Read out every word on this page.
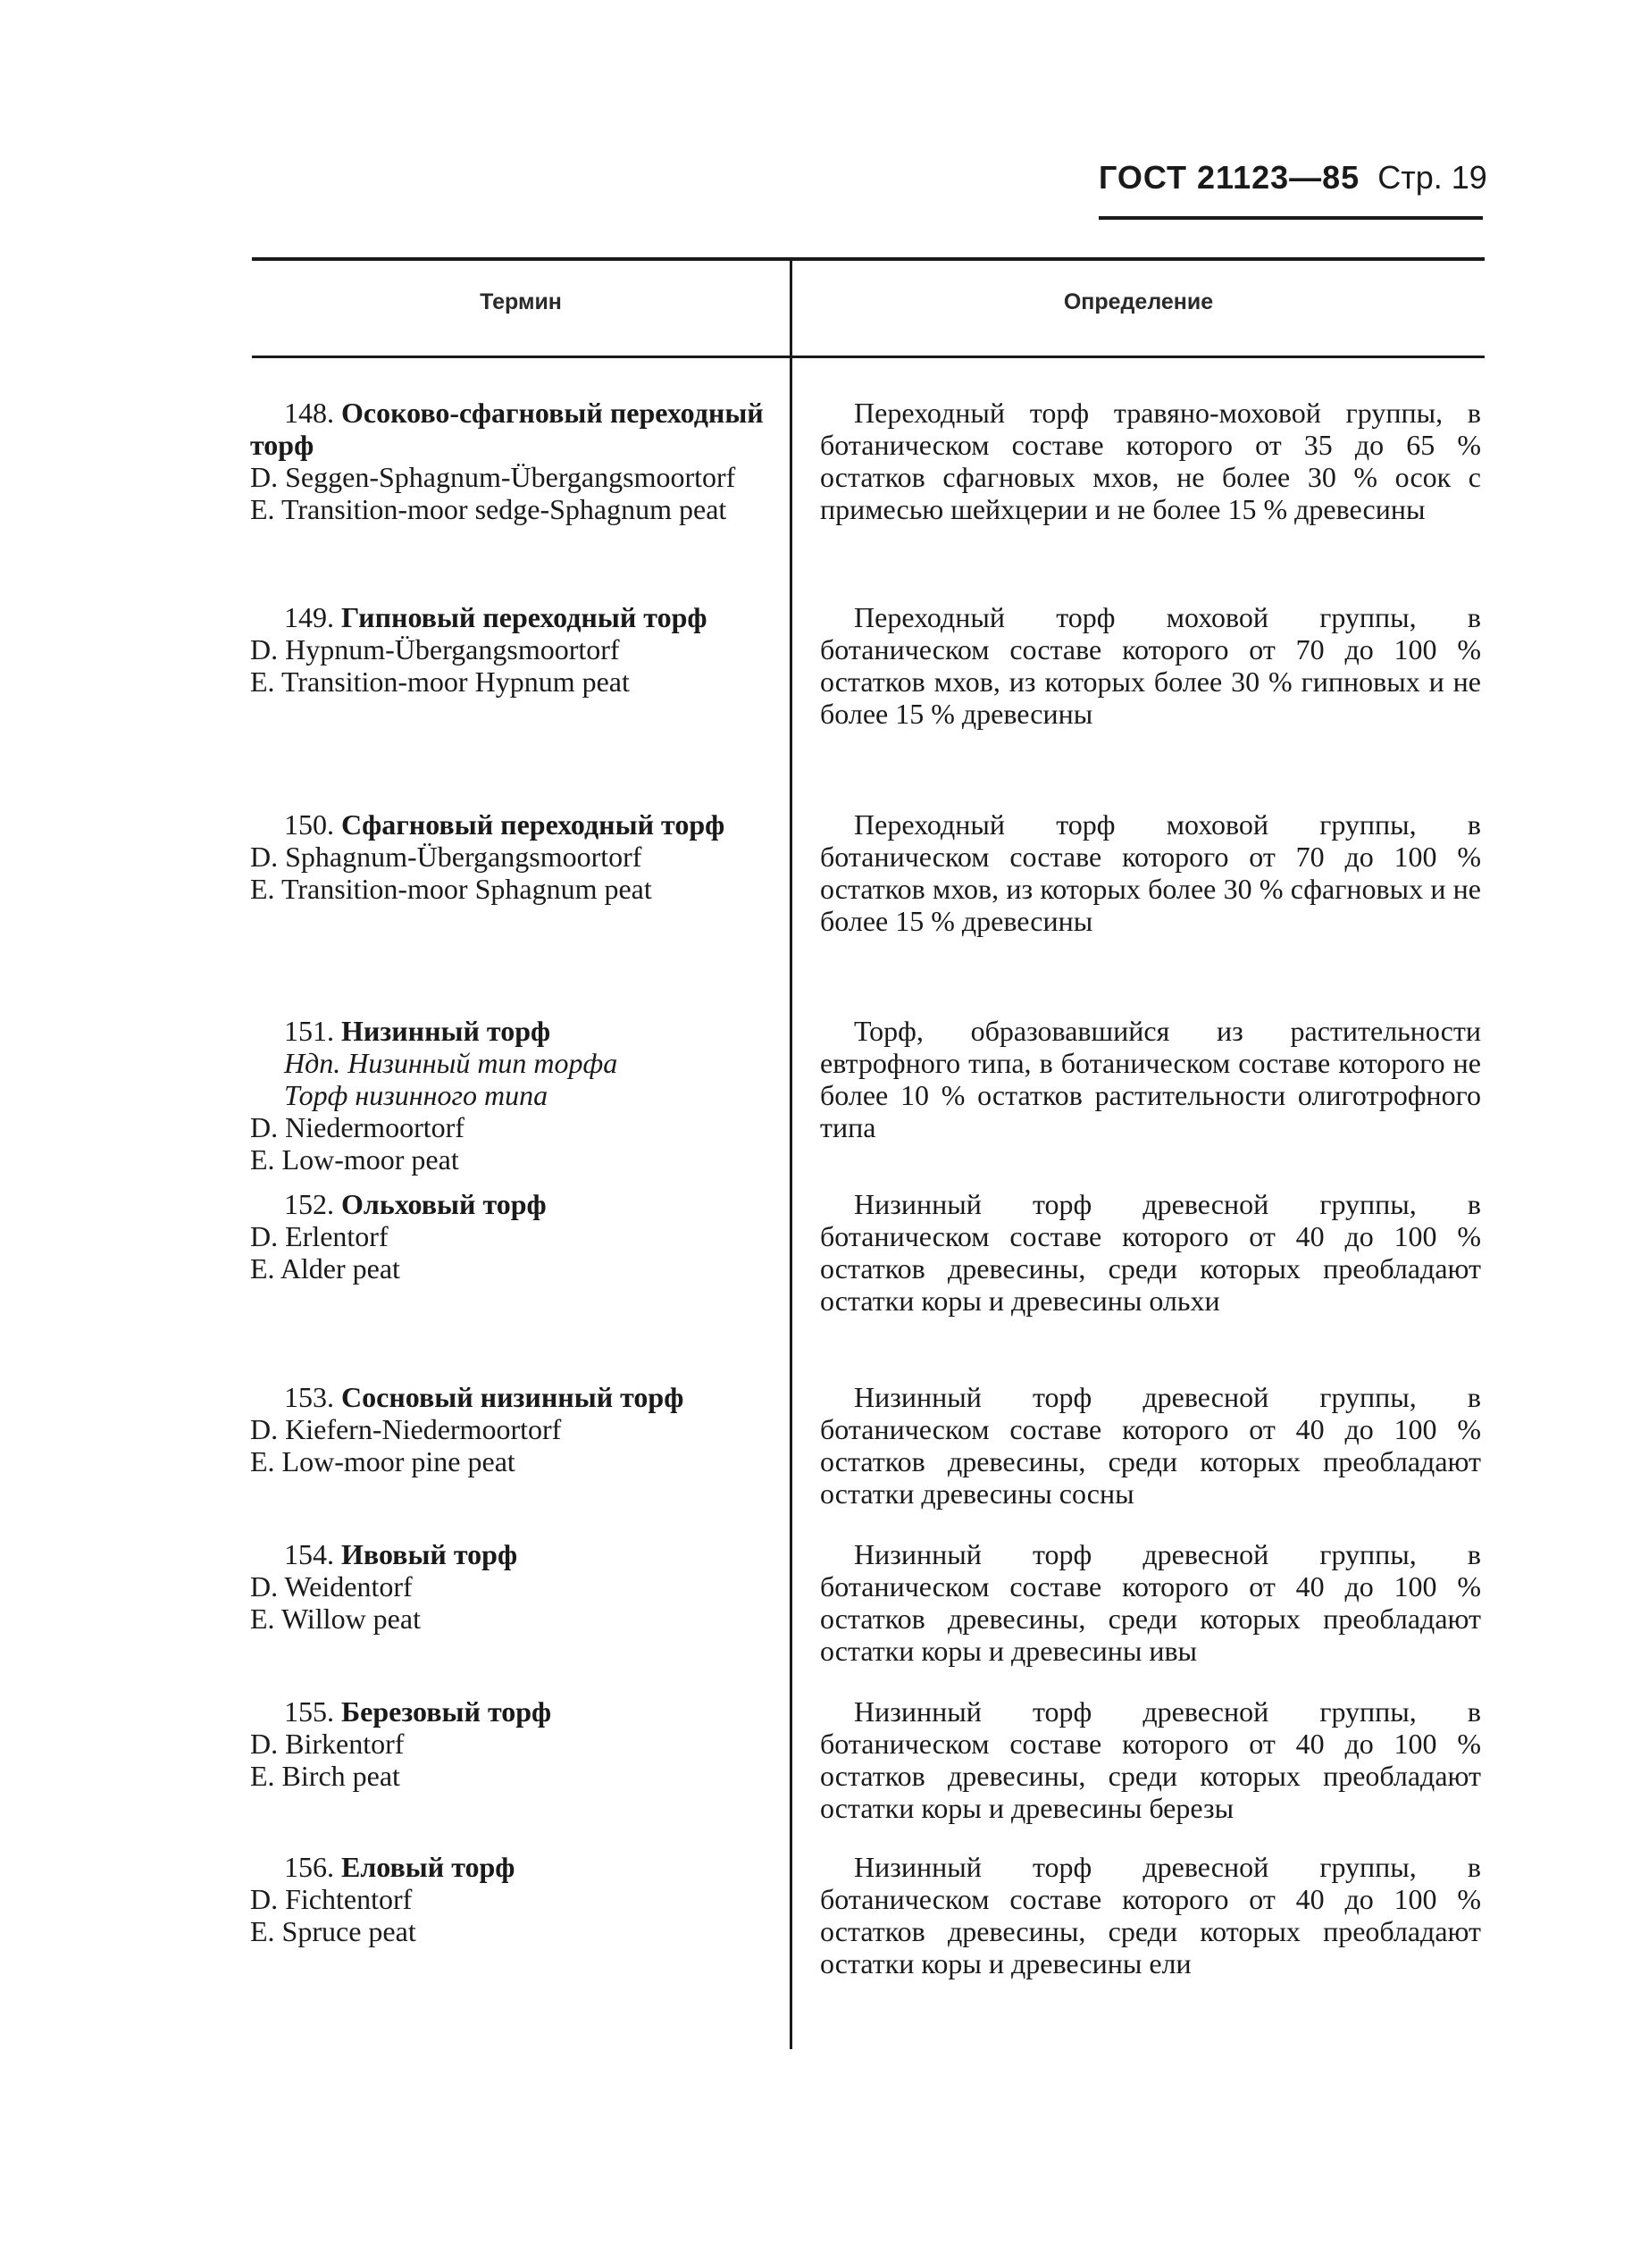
ГОСТ 21123—85 Стр. 19
Термин	Определение
148. Осоково-сфагновый переходный торф
D. Seggen-Sphagnum-Übergangsmoortorf
E. Transition-moor sedge-Sphagnum peat
Переходный торф травяно-моховой группы, в ботаническом составе которого от 35 до 65 % остатков сфагновых мхов, не более 30 % осок с примесью шейхцерии и не более 15 % древесины
149. Гипновый переходный торф
D. Hypnum-Übergangsmoortorf
E. Transition-moor Hypnum peat
Переходный торф моховой группы, в ботаническом составе которого от 70 до 100 % остатков мхов, из которых более 30 % гипновых и не более 15 % древесины
150. Сфагновый переходный торф
D. Sphagnum-Übergangsmoortorf
E. Transition-moor Sphagnum peat
Переходный торф моховой группы, в ботаническом составе которого от 70 до 100 % остатков мхов, из которых более 30 % сфагновых и не более 15 % древесины
151. Низинный торф
Ндп. Низинный тип торфа
Торф низинного типа
D. Niedermoortorf
E. Low-moor peat
Торф, образовавшийся из растительности евтрофного типа, в ботаническом составе которого не более 10 % остатков растительности олиготрофного типа
152. Ольховый торф
D. Erlentorf
E. Alder peat
Низинный торф древесной группы, в ботаническом составе которого от 40 до 100 % остатков древесины, среди которых преобладают остатки коры и древесины ольхи
153. Сосновый низинный торф
D. Kiefern-Niedermoortorf
E. Low-moor pine peat
Низинный торф древесной группы, в ботаническом составе которого от 40 до 100 % остатков древесины, среди которых преобладают остатки древесины сосны
154. Ивовый торф
D. Weidentorf
E. Willow peat
Низинный торф древесной группы, в ботаническом составе которого от 40 до 100 % остатков древесины, среди которых преобладают остатки коры и древесины ивы
155. Березовый торф
D. Birkentorf
E. Birch peat
Низинный торф древесной группы, в ботаническом составе которого от 40 до 100 % остатков древесины, среди которых преобладают остатки коры и древесины березы
156. Еловый торф
D. Fichtentorf
E. Spruce peat
Низинный торф древесной группы, в ботаническом составе которого от 40 до 100 % остатков древесины, среди которых преобладают остатки коры и древесины ели
